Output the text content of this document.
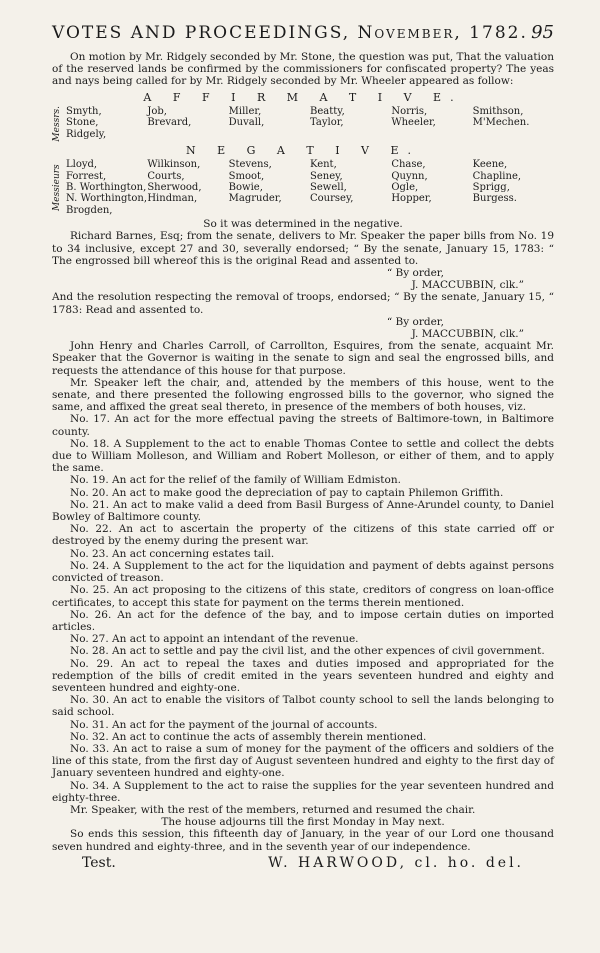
VOTES AND PROCEEDINGS, November, 1782. 95

On motion by Mr. Ridgely seconded by Mr. Stone, the question was put, That the valuation of the reserved lands be confirmed by the commissioners for confiscated property? The yeas and nays being called for by Mr. Ridgely seconded by Mr. Wheeler appeared as follow:

A F F I R M A T I V E.
Messrs. Smyth,	Job,	Miller,	Beatty,	Norris,	Smithson,
Stone,	Brevard,	Duvall,	Taylor,	Wheeler,	M'Mechen.
Ridgely,
N E G A T I V E.
Messieurs Lloyd,	Wilkinson,	Stevens,	Kent,	Chase,	Keene,
Forrest,	Courts,	Smoot,	Seney,	Quynn,	Chapline,
B. Worthington, Sherwood,	Bowie,	Sewell,	Ogle,	Sprigg,
N. Worthington, Hindman,	Magruder,	Coursey,	Hopper,	Burgess.
Brogden,

So it was determined in the negative.

Richard Barnes, Esq; from the senate, delivers to Mr. Speaker the paper bills from No. 19 to 34 inclusive, except 27 and 30, severally endorsed; “ By the senate, January 15, 1783: “ The engrossed bill whereof this is the original Read and assented to.

“ By order,

J. MACCUBBIN, clk.”

And the resolution respecting the removal of troops, endorsed; “ By the senate, January 15, “ 1783: Read and assented to.

“ By order,

J. MACCUBBIN, clk.”

John Henry and Charles Carroll, of Carrollton, Esquires, from the senate, acquaint Mr. Speaker that the Governor is waiting in the senate to sign and seal the engrossed bills, and requests the attendance of this house for that purpose.

Mr. Speaker left the chair, and, attended by the members of this house, went to the senate, and there presented the following engrossed bills to the governor, who signed the same, and affixed the great seal thereto, in presence of the members of both houses, viz.

No. 17. An act for the more effectual paving the streets of Baltimore-town, in Baltimore county.

No. 18. A Supplement to the act to enable Thomas Contee to settle and collect the debts due to William Molleson, and William and Robert Molleson, or either of them, and to apply the same.

No. 19. An act for the relief of the family of William Edmiston.

No. 20. An act to make good the depreciation of pay to captain Philemon Griffith.

No. 21. An act to make valid a deed from Basil Burgess of Anne-Arundel county, to Daniel Bowley of Baltimore county.

No. 22. An act to ascertain the property of the citizens of this state carried off or destroyed by the enemy during the present war.

No. 23. An act concerning estates tail.

No. 24. A Supplement to the act for the liquidation and payment of debts against persons convicted of treason.

No. 25. An act proposing to the citizens of this state, creditors of congress on loan-office certificates, to accept this state for payment on the terms therein mentioned.

No. 26. An act for the defence of the bay, and to impose certain duties on imported articles.

No. 27. An act to appoint an intendant of the revenue.

No. 28. An act to settle and pay the civil list, and the other expences of civil government.

No. 29. An act to repeal the taxes and duties imposed and appropriated for the redemption of the bills of credit emited in the years seventeen hundred and eighty and seventeen hundred and eighty-one.

No. 30. An act to enable the visitors of Talbot county school to sell the lands belonging to said school.

No. 31. An act for the payment of the journal of accounts.

No. 32. An act to continue the acts of assembly therein mentioned.

No. 33. An act to raise a sum of money for the payment of the officers and soldiers of the line of this state, from the first day of August seventeen hundred and eighty to the first day of January seventeen hundred and eighty-one.

No. 34. A Supplement to the act to raise the supplies for the year seventeen hundred and eighty-three.

Mr. Speaker, with the rest of the members, returned and resumed the chair.

The house adjourns till the first Monday in May next.

So ends this session, this fifteenth day of January, in the year of our Lord one thousand seven hundred and eighty-three, and in the seventh year of our independence.

Test.	W. HARWOOD, cl. ho. del.
